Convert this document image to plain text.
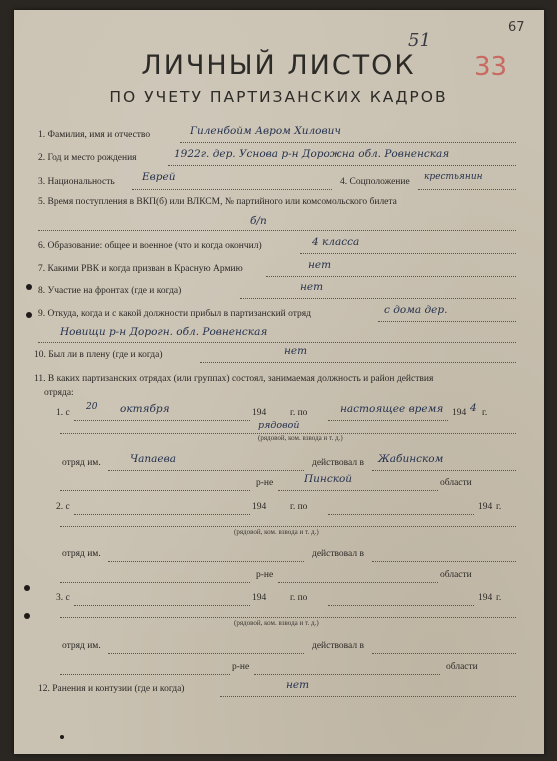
67
51
33
ЛИЧНЫЙ ЛИСТОК
ПО УЧЕТУ ПАРТИЗАНСКИХ КАДРОВ
1. Фамилия, имя и отчество	Гиленбойм Авром Хилович
2. Год и место рождения	1922г. дер. Уснова р-н Дорожна обл. Ровненская
3. Национальность	Еврей	4. Соцположение крестьянин
5. Время поступления в ВКП(б) или ВЛКСМ, № партийного или комсомольского билета
б/п
6. Образование: общее и военное (что и когда окончил)	4 класса
7. Какими РВК и когда призван в Красную Армию	нет
8. Участие на фронтах (где и когда)	нет
9. Откуда, когда и с какой должности прибыл в партизанский отряд	с дома дер.
Новищи р-н Дорогн. обл. Ровненская
10. Был ли в плену (где и когда)	нет
11. В каких партизанских отрядах (или группах) состоял, занимаемая должность и район действия
отряда:
1. с
20 октября	194	г. по	настоящее время 194 4 г.
рядовой
(рядовой, ком. взвода и т. д.)
отряд им.	Чапаева	действовал в Жабинском
р-не	Пинской	области
2. с	194	г. по	194 г.
(рядовой, ком. взвода и т. д.)
отряд им.	действовал в
р-не	области
3. с	194	г. по	194 г.
(рядовой, ком. взвода и т. д.)
отряд им.	действовал в
р-не	области
12. Ранения и контузии (где и когда)	нет
